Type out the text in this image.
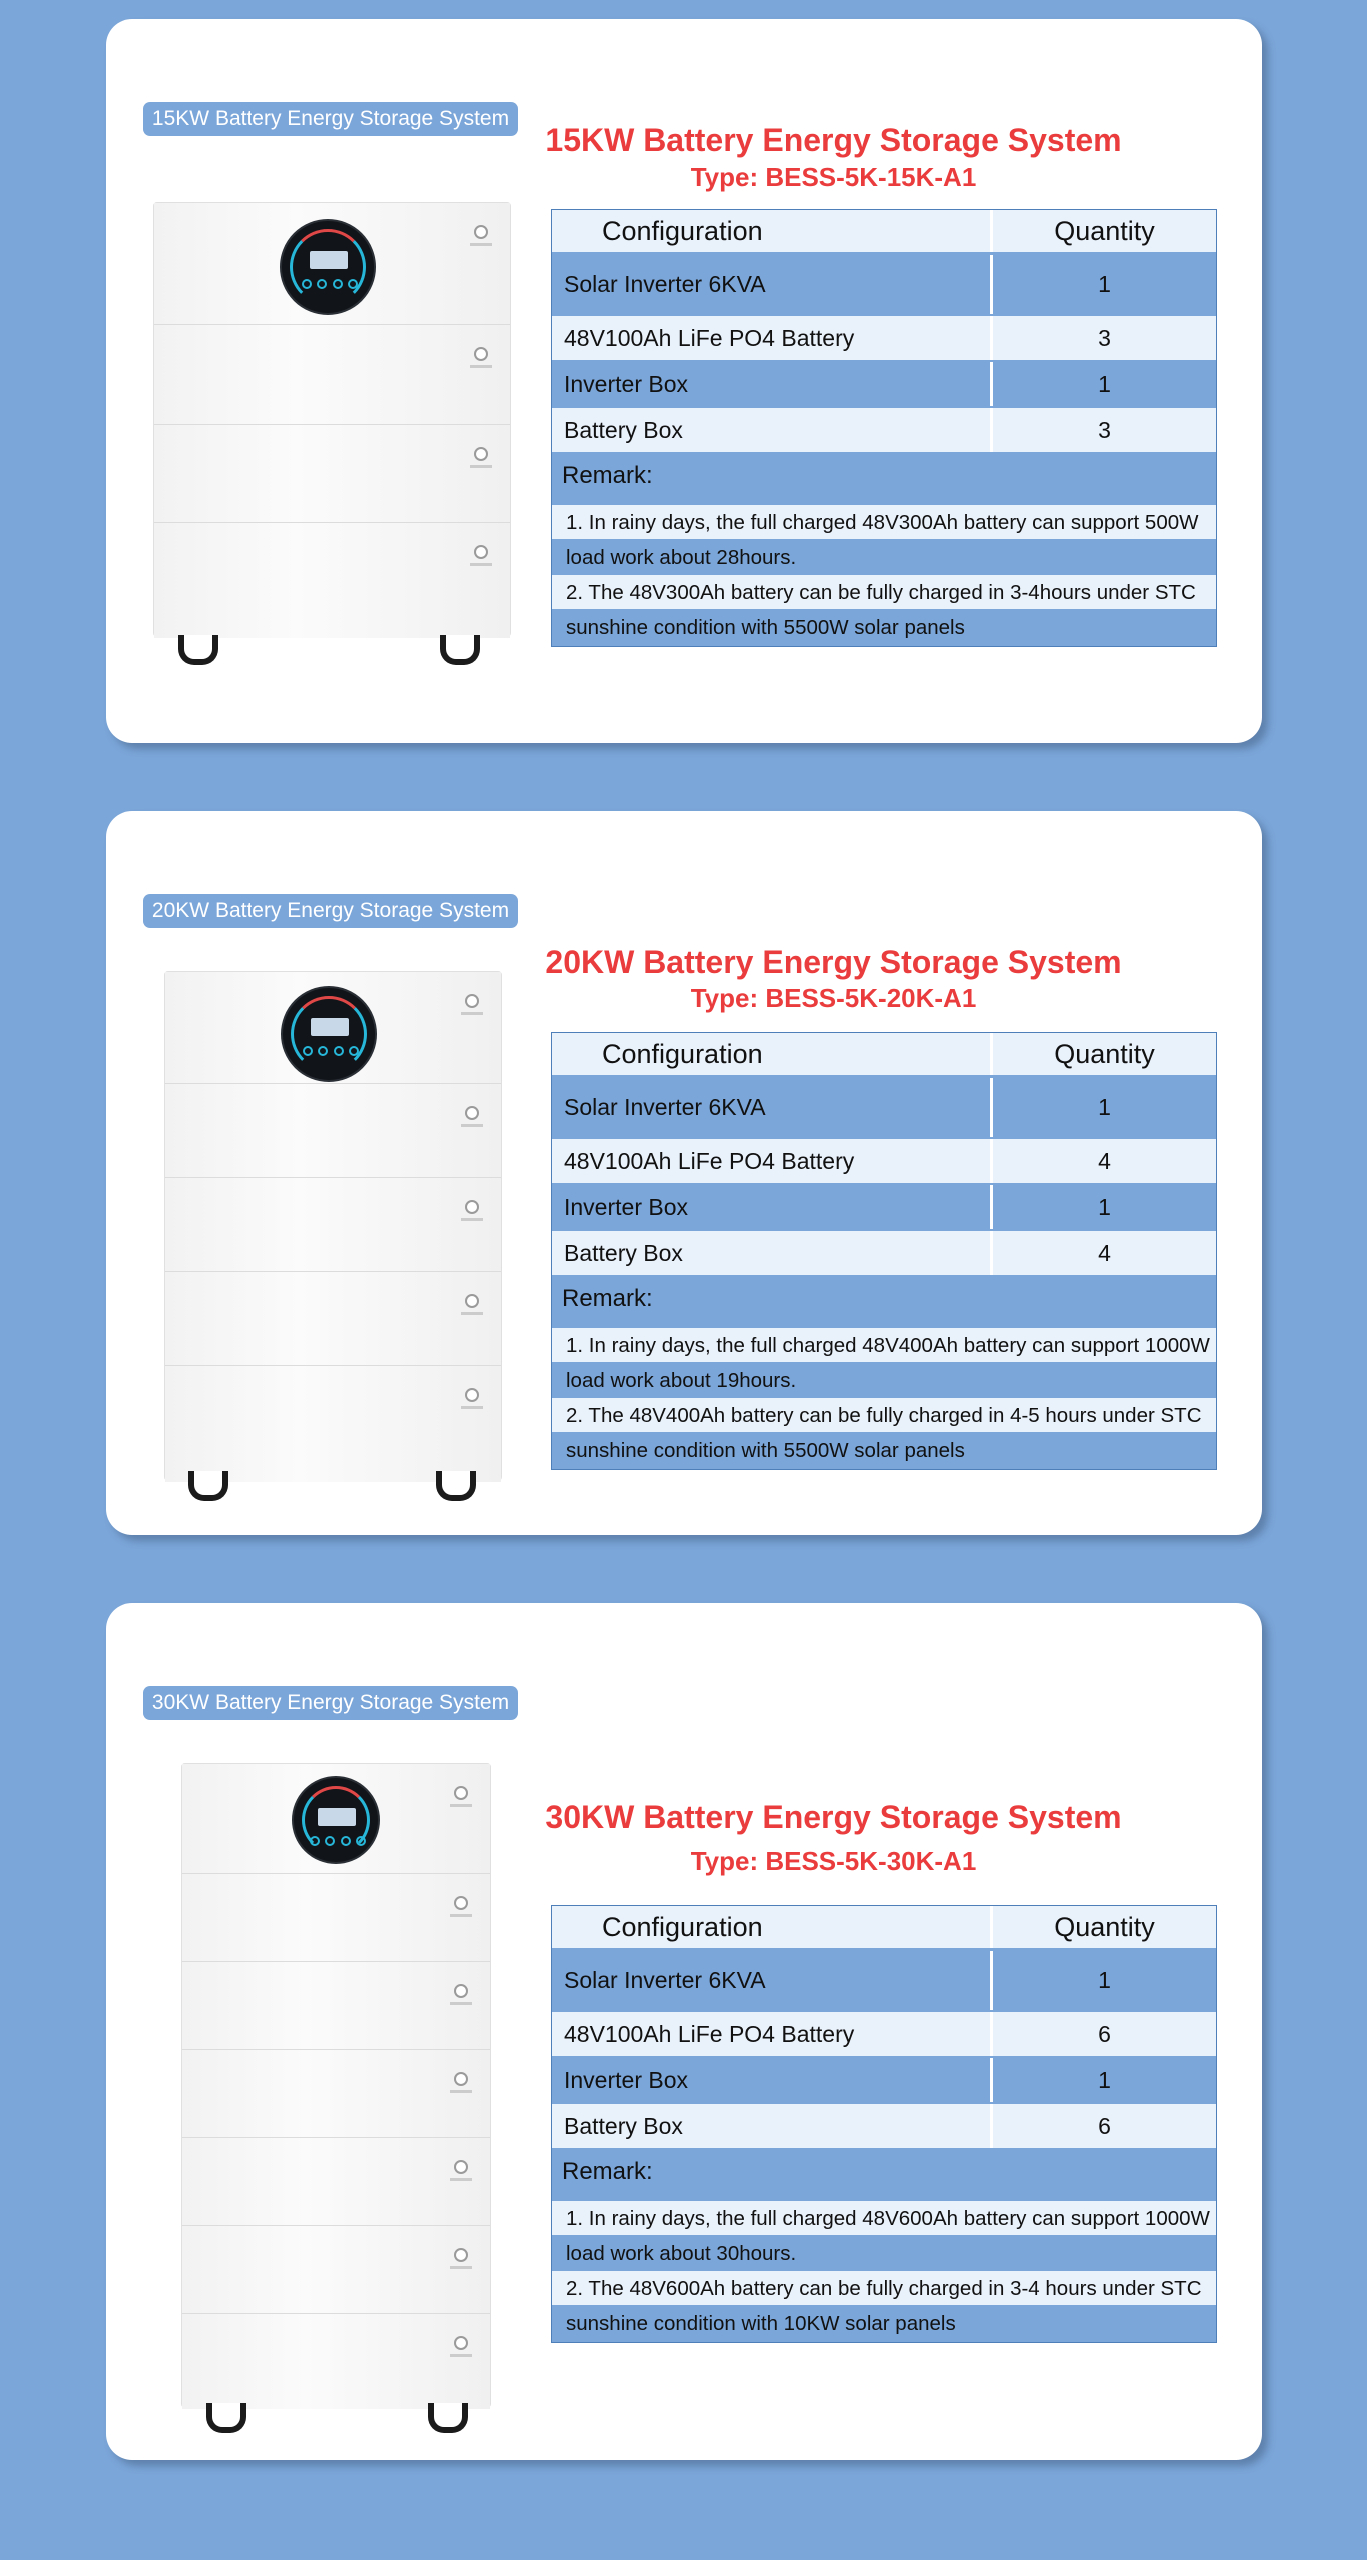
15KW Battery Energy Storage System
15KW Battery Energy Storage System
Type: BESS-5K-15K-A1
Configuration	Quantity
Solar Inverter 6KVA	1
48V100Ah LiFe PO4 Battery	3
Inverter Box	1
Battery Box	3
Remark:
1. In rainy days, the full charged 48V300Ah battery can support 500W load work about 28hours.
2. The 48V300Ah battery can be fully charged in 3-4hours under STC sunshine condition with 5500W solar panels
20KW Battery Energy Storage System
20KW Battery Energy Storage System
Type: BESS-5K-20K-A1
Configuration	Quantity
Solar Inverter 6KVA	1
48V100Ah LiFe PO4 Battery	4
Inverter Box	1
Battery Box	4
Remark:
1. In rainy days, the full charged 48V400Ah battery can support 1000W load work about 19hours.
2. The 48V400Ah battery can be fully charged in 4-5 hours under STC sunshine condition with 5500W solar panels
30KW Battery Energy Storage System
30KW Battery Energy Storage System
Type: BESS-5K-30K-A1
Configuration	Quantity
Solar Inverter 6KVA	1
48V100Ah LiFe PO4 Battery	6
Inverter Box	1
Battery Box	6
Remark:
1. In rainy days, the full charged 48V600Ah battery can support 1000W load work about 30hours.
2. The 48V600Ah battery can be fully charged in 3-4 hours under STC sunshine condition with 10KW solar panels
